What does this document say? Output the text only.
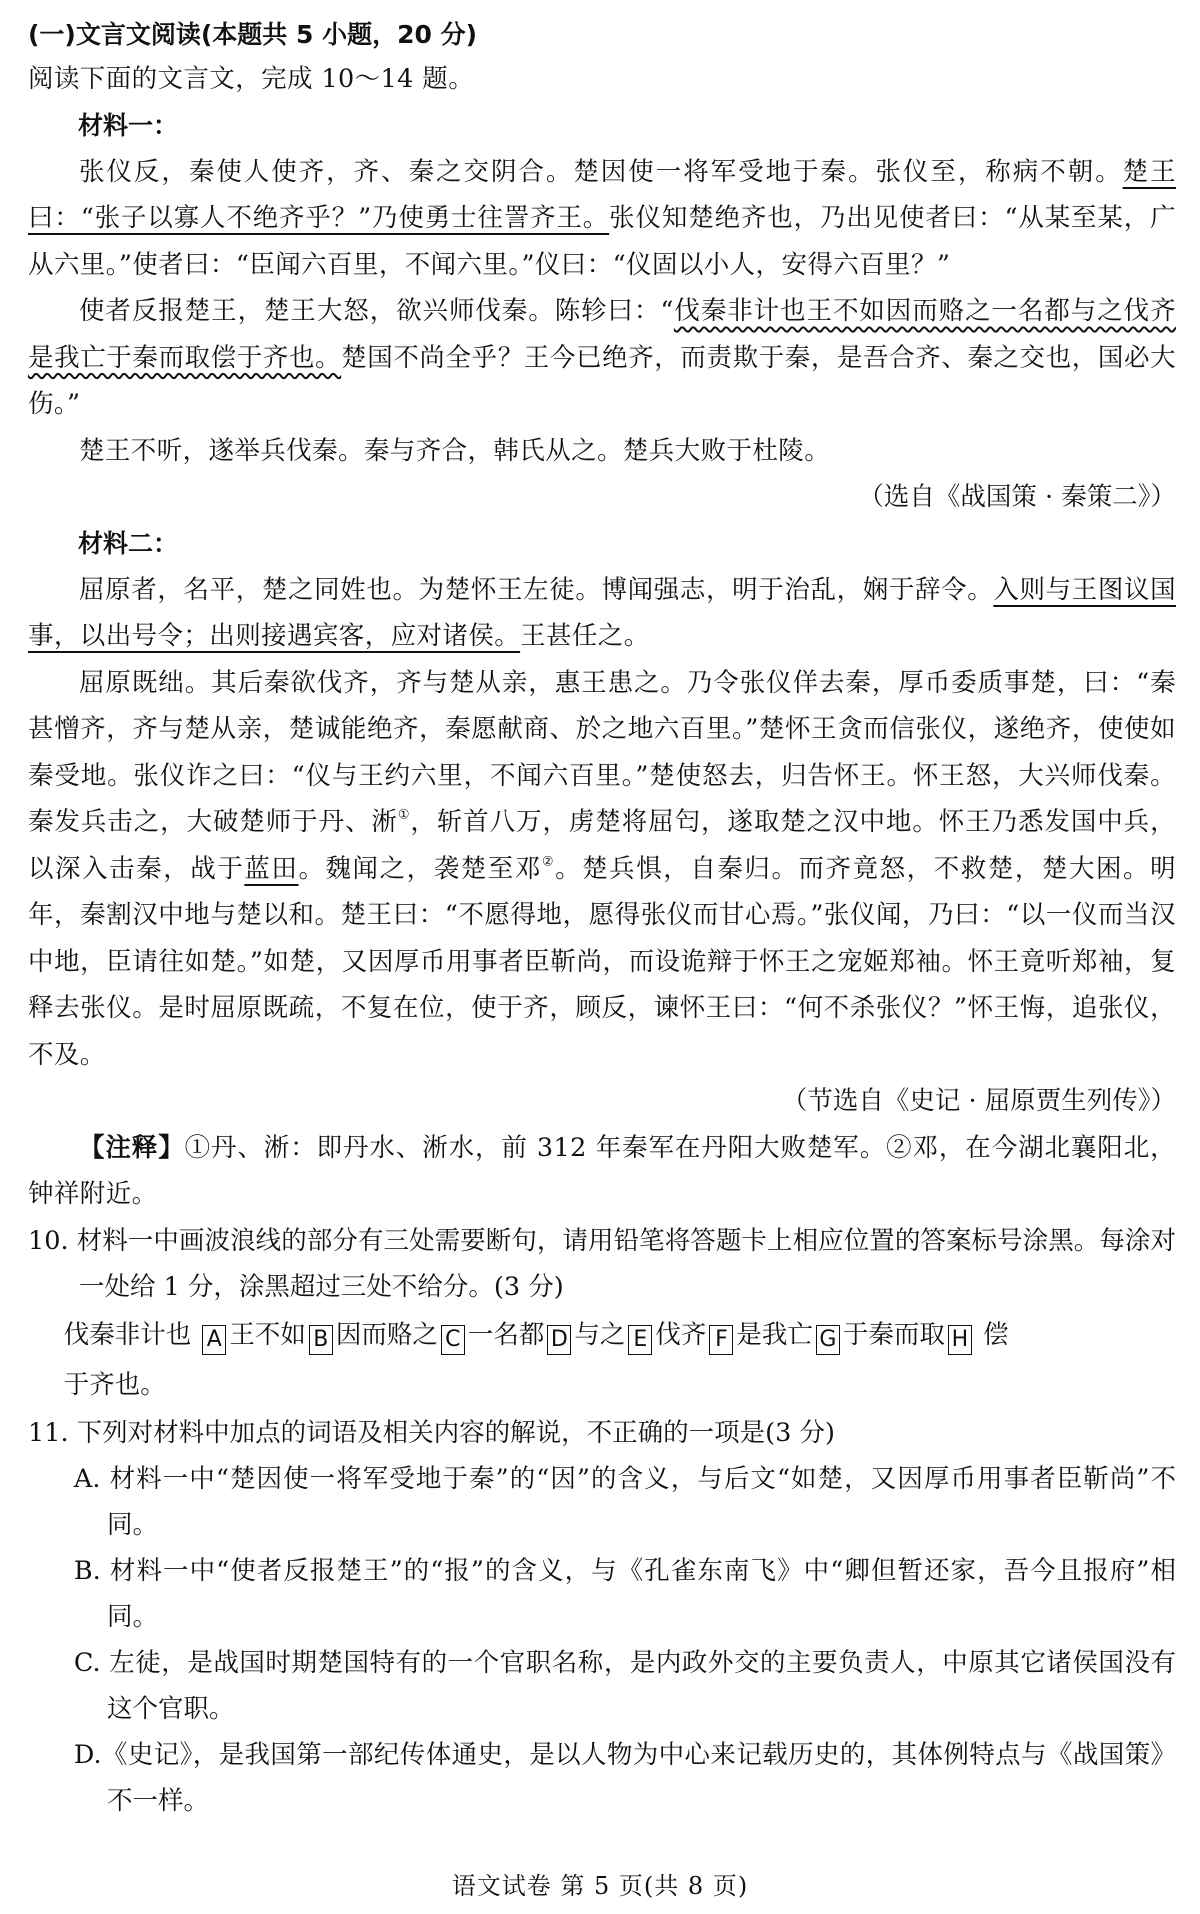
(一)文言文阅读(本题共 5 小题，20 分)

阅读下面的文言文，完成 10～14 题。

材料一：

张仪反，秦使人使齐，齐、秦之交阴合。楚因使一将军受地于秦。张仪至，称病不朝。楚王曰：“张子以寡人不绝齐乎？”乃使勇士往詈齐王。张仪知楚绝齐也，乃出见使者曰：“从某至某，广从六里。”使者曰：“臣闻六百里，不闻六里。”仪曰：“仪固以小人，安得六百里？”

使者反报楚王，楚王大怒，欲兴师伐秦。陈轸曰：“伐秦非计也王不如因而赂之一名都与之伐齐是我亡于秦而取偿于齐也。楚国不尚全乎？王今已绝齐，而责欺于秦，是吾合齐、秦之交也，国必大伤。”

楚王不听，遂举兵伐秦。秦与齐合，韩氏从之。楚兵大败于杜陵。

（选自《战国策 · 秦策二》）

材料二：

屈原者，名平，楚之同姓也。为楚怀王左徒。博闻强志，明于治乱，娴于辞令。入则与王图议国事，以出号令；出则接遇宾客，应对诸侯。王甚任之。

屈原既绌。其后秦欲伐齐，齐与楚从亲，惠王患之。乃令张仪佯去秦，厚币委质事楚，曰：“秦甚憎齐，齐与楚从亲，楚诚能绝齐，秦愿献商、於之地六百里。”楚怀王贪而信张仪，遂绝齐，使使如秦受地。张仪诈之曰：“仪与王约六里，不闻六百里。”楚使怒去，归告怀王。怀王怒，大兴师伐秦。秦发兵击之，大破楚师于丹、淅①，斩首八万，虏楚将屈匄，遂取楚之汉中地。怀王乃悉发国中兵，以深入击秦，战于蓝田。魏闻之，袭楚至邓②。楚兵惧，自秦归。而齐竟怒，不救楚，楚大困。明年，秦割汉中地与楚以和。楚王曰：“不愿得地，愿得张仪而甘心焉。”张仪闻，乃曰：“以一仪而当汉中地，臣请往如楚。”如楚，又因厚币用事者臣靳尚，而设诡辩于怀王之宠姬郑袖。怀王竟听郑袖，复释去张仪。是时屈原既疏，不复在位，使于齐，顾反，谏怀王曰：“何不杀张仪？”怀王悔，追张仪，不及。

（节选自《史记 · 屈原贾生列传》）

【注释】①丹、淅：即丹水、淅水，前 312 年秦军在丹阳大败楚军。②邓，在今湖北襄阳北，钟祥附近。

10. 材料一中画波浪线的部分有三处需要断句，请用铅笔将答题卡上相应位置的答案标号涂黑。每涂对一处给 1 分，涂黑超过三处不给分。(3 分)

伐秦非计也 A 王不如 B 因而赂之 C 一名都 D 与之 E 伐齐 F 是我亡 G 于秦而取 H 偿

于齐也。

11. 下列对材料中加点的词语及相关内容的解说，不正确的一项是(3 分)

A. 材料一中“楚因使一将军受地于秦”的“因”的含义，与后文“如楚，又因厚币用事者臣靳尚”不同。

B. 材料一中“使者反报楚王”的“报”的含义，与《孔雀东南飞》中“卿但暂还家，吾今且报府”相同。

C. 左徒，是战国时期楚国特有的一个官职名称，是内政外交的主要负责人，中原其它诸侯国没有这个官职。

D.《史记》，是我国第一部纪传体通史，是以人物为中心来记载历史的，其体例特点与《战国策》不一样。

语文试卷 第 5 页(共 8 页)
